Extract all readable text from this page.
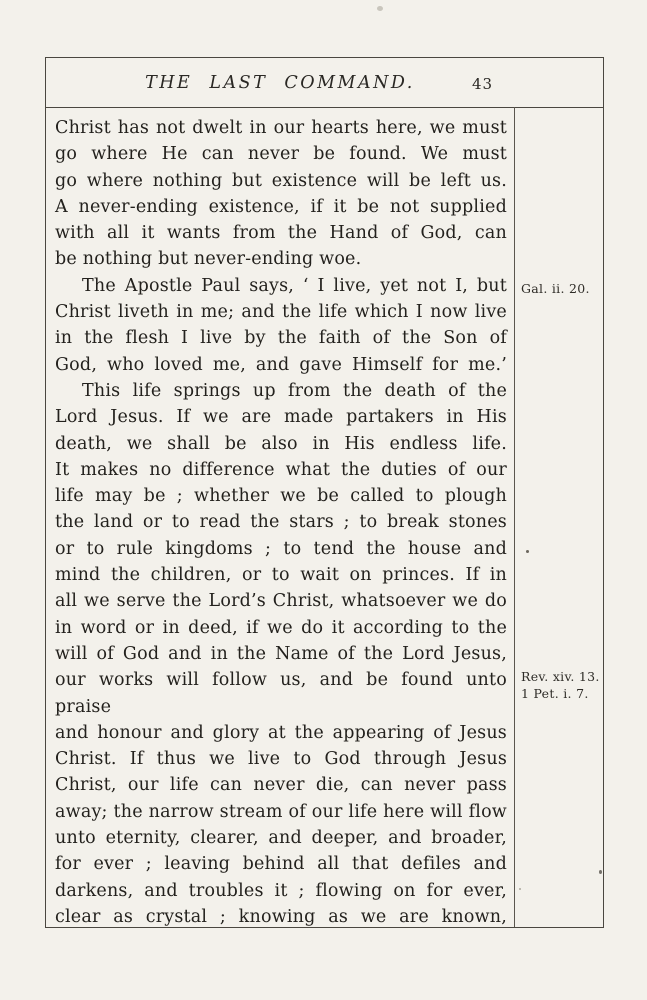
THE LAST COMMAND.	43
Christ has not dwelt in our hearts here, we must
go where He can never be found. We must
go where nothing but existence will be left us.
A never-ending existence, if it be not supplied
with all it wants from the Hand of God, can
be nothing but never-ending woe.
The Apostle Paul says, ‘ I live, yet not I, but
Christ liveth in me; and the life which I now live
in the flesh I live by the faith of the Son of
God, who loved me, and gave Himself for me.’
This life springs up from the death of the
Lord Jesus. If we are made partakers in His
death, we shall be also in His endless life.
It makes no difference what the duties of our
life may be ; whether we be called to plough
the land or to read the stars ; to break stones
or to rule kingdoms ; to tend the house and
mind the children, or to wait on princes. If in
all we serve the Lord’s Christ, whatsoever we do
in word or in deed, if we do it according to the
will of God and in the Name of the Lord Jesus,
our works will follow us, and be found unto praise
and honour and glory at the appearing of Jesus
Christ. If thus we live to God through Jesus
Christ, our life can never die, can never pass
away; the narrow stream of our life here will flow
unto eternity, clearer, and deeper, and broader,
for ever ; leaving behind all that defiles and
darkens, and troubles it ; flowing on for ever,
clear as crystal ; knowing as we are known,
Gal. ii. 20.
Rev. xiv. 13.
1 Pet. i. 7.
